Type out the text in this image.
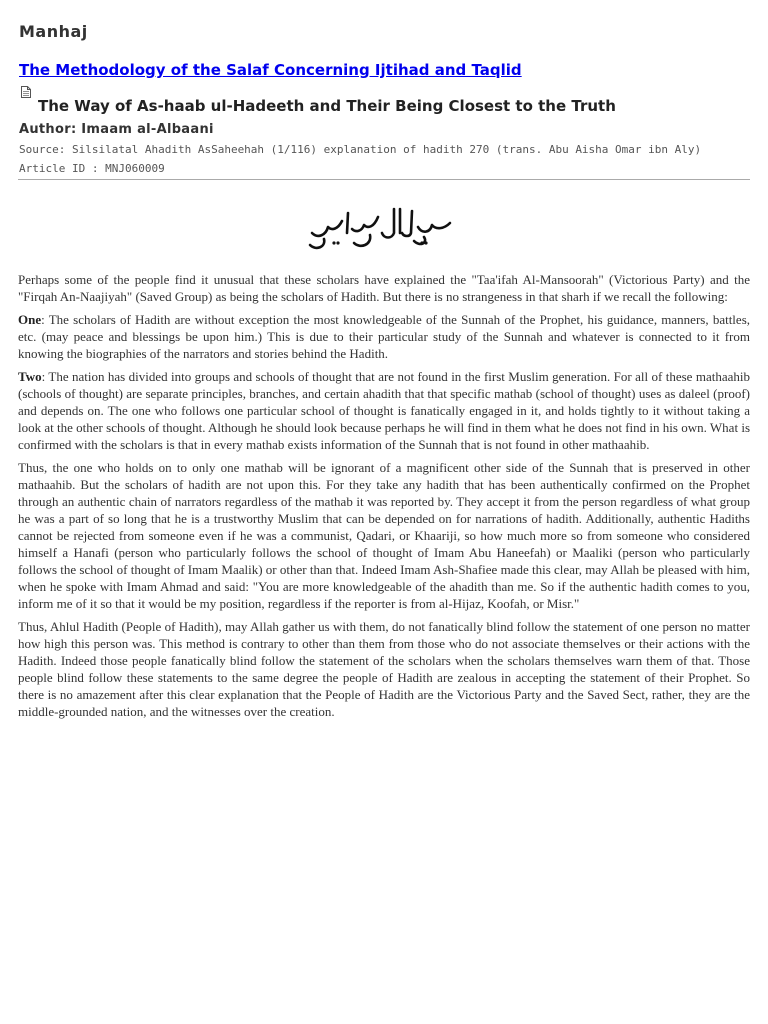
Manhaj
The Methodology of the Salaf Concerning Ijtihad and Taqlid
The Way of As-haab ul-Hadeeth and Their Being Closest to the Truth
Author: Imaam al-Albaani
Source: Silsilatal Ahadith AsSaheehah (1/116) explanation of hadith 270 (trans. Abu Aisha Omar ibn Aly)
Article ID : MNJ060009

Perhaps some of the people find it unusual that these scholars have explained the "Taa'ifah Al-Mansoorah" (Victorious Party) and the "Firqah An-Naajiyah" (Saved Group) as being the scholars of Hadith. But there is no strangeness in that sharh if we recall the following:

One: The scholars of Hadith are without exception the most knowledgeable of the Sunnah of the Prophet, his guidance, manners, battles, etc. (may peace and blessings be upon him.) This is due to their particular study of the Sunnah and whatever is connected to it from knowing the biographies of the narrators and stories behind the Hadith.

Two: The nation has divided into groups and schools of thought that are not found in the first Muslim generation. For all of these mathaahib (schools of thought) are separate principles, branches, and certain ahadith that that specific mathab (school of thought) uses as daleel (proof) and depends on. The one who follows one particular school of thought is fanatically engaged in it, and holds tightly to it without taking a look at the other schools of thought. Although he should look because perhaps he will find in them what he does not find in his own. What is confirmed with the scholars is that in every mathab exists information of the Sunnah that is not found in other mathaahib.

Thus, the one who holds on to only one mathab will be ignorant of a magnificent other side of the Sunnah that is preserved in other mathaahib. But the scholars of hadith are not upon this. For they take any hadith that has been authentically confirmed on the Prophet through an authentic chain of narrators regardless of the mathab it was reported by. They accept it from the person regardless of what group he was a part of so long that he is a trustworthy Muslim that can be depended on for narrations of hadith. Additionally, authentic Hadiths cannot be rejected from someone even if he was a communist, Qadari, or Khaariji, so how much more so from someone who considered himself a Hanafi (person who particularly follows the school of thought of Imam Abu Haneefah) or Maaliki (person who particularly follows the school of thought of Imam Maalik) or other than that. Indeed Imam Ash-Shafiee made this clear, may Allah be pleased with him, when he spoke with Imam Ahmad and said: "You are more knowledgeable of the ahadith than me. So if the authentic hadith comes to you, inform me of it so that it would be my position, regardless if the reporter is from al-Hijaz, Koofah, or Misr."

Thus, Ahlul Hadith (People of Hadith), may Allah gather us with them, do not fanatically blind follow the statement of one person no matter how high this person was. This method is contrary to other than them from those who do not associate themselves or their actions with the Hadith. Indeed those people fanatically blind follow the statement of the scholars when the scholars themselves warn them of that. Those people blind follow these statements to the same degree the people of Hadith are zealous in accepting the statement of their Prophet. So there is no amazement after this clear explanation that the People of Hadith are the Victorious Party and the Saved Sect, rather, they are the middle-grounded nation, and the witnesses over the creation.
